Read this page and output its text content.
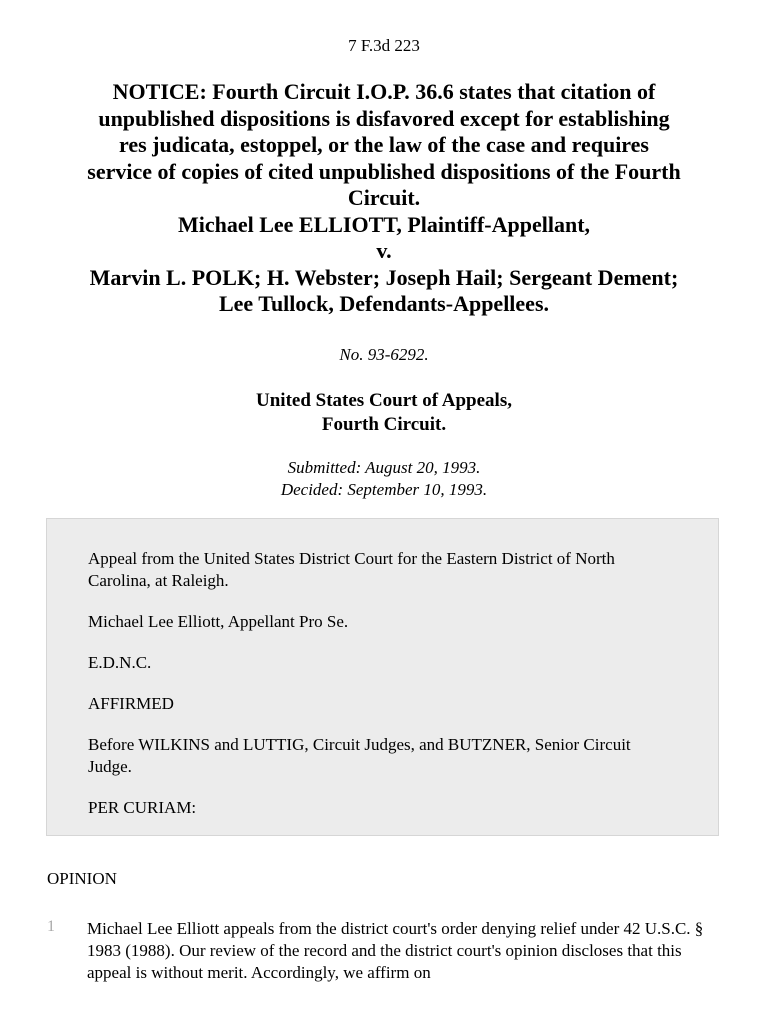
7 F.3d 223
NOTICE: Fourth Circuit I.O.P. 36.6 states that citation of
unpublished dispositions is disfavored except for establishing
res judicata, estoppel, or the law of the case and requires
service of copies of cited unpublished dispositions of the Fourth
Circuit.
Michael Lee ELLIOTT, Plaintiff-Appellant,
v.
Marvin L. POLK; H. Webster; Joseph Hail; Sergeant Dement;
Lee Tullock, Defendants-Appellees.
No. 93-6292.
United States Court of Appeals,
Fourth Circuit.
Submitted: August 20, 1993.
Decided: September 10, 1993.

Appeal from the United States District Court for the Eastern District of North Carolina, at Raleigh.

Michael Lee Elliott, Appellant Pro Se.

E.D.N.C.

AFFIRMED

Before WILKINS and LUTTIG, Circuit Judges, and BUTZNER, Senior Circuit Judge.

PER CURIAM:

OPINION
1 Michael Lee Elliott appeals from the district court's order denying relief under 42 U.S.C. § 1983 (1988). Our review of the record and the district court's opinion discloses that this appeal is without merit. Accordingly, we affirm on
